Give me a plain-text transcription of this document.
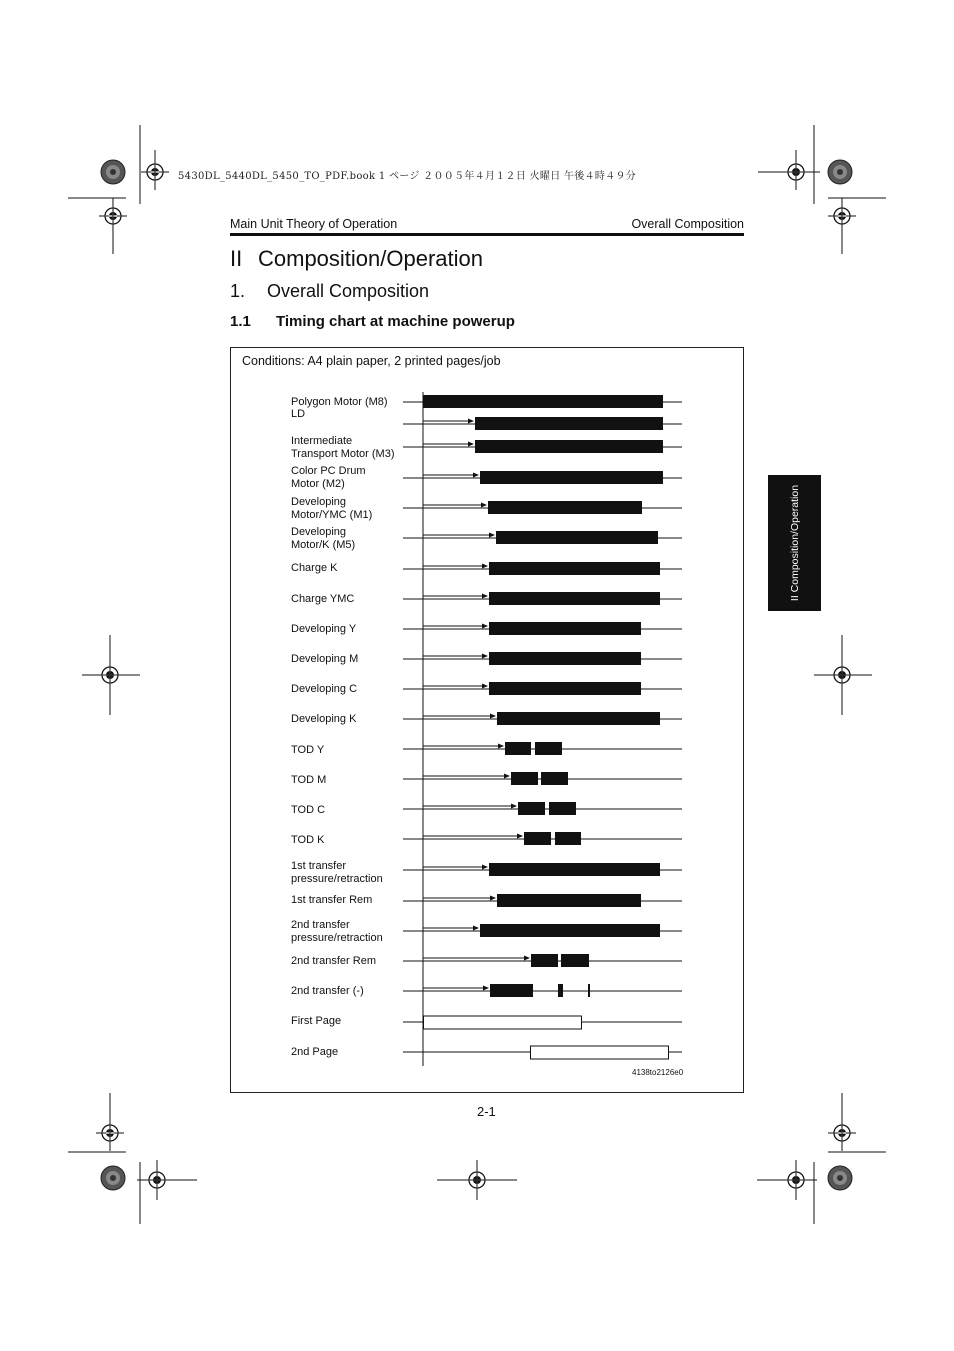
5430DL_5440DL_5450_TO_PDF.book 1 ページ ２００５年４月１２日 火曜日 午後４時４９分
Main Unit Theory of Operation	Overall Composition
II Composition/Operation
1. Overall Composition
1.1 Timing chart at machine powerup
Conditions: A4 plain paper, 2 printed pages/job
Polygon Motor (M8)
LD
Intermediate
Transport Motor (M3)
Color PC Drum
Motor (M2)
Developing
Motor/YMC (M1)
Developing
Motor/K (M5)
Charge K
Charge YMC
Developing Y
Developing M
Developing C
Developing K
TOD Y
TOD M
TOD C
TOD K
1st transfer
pressure/retraction
1st transfer Rem
2nd transfer
pressure/retraction
2nd transfer Rem
2nd transfer (-)
First Page
2nd Page
4138to2126e0
2-1
II Composition/Operation
